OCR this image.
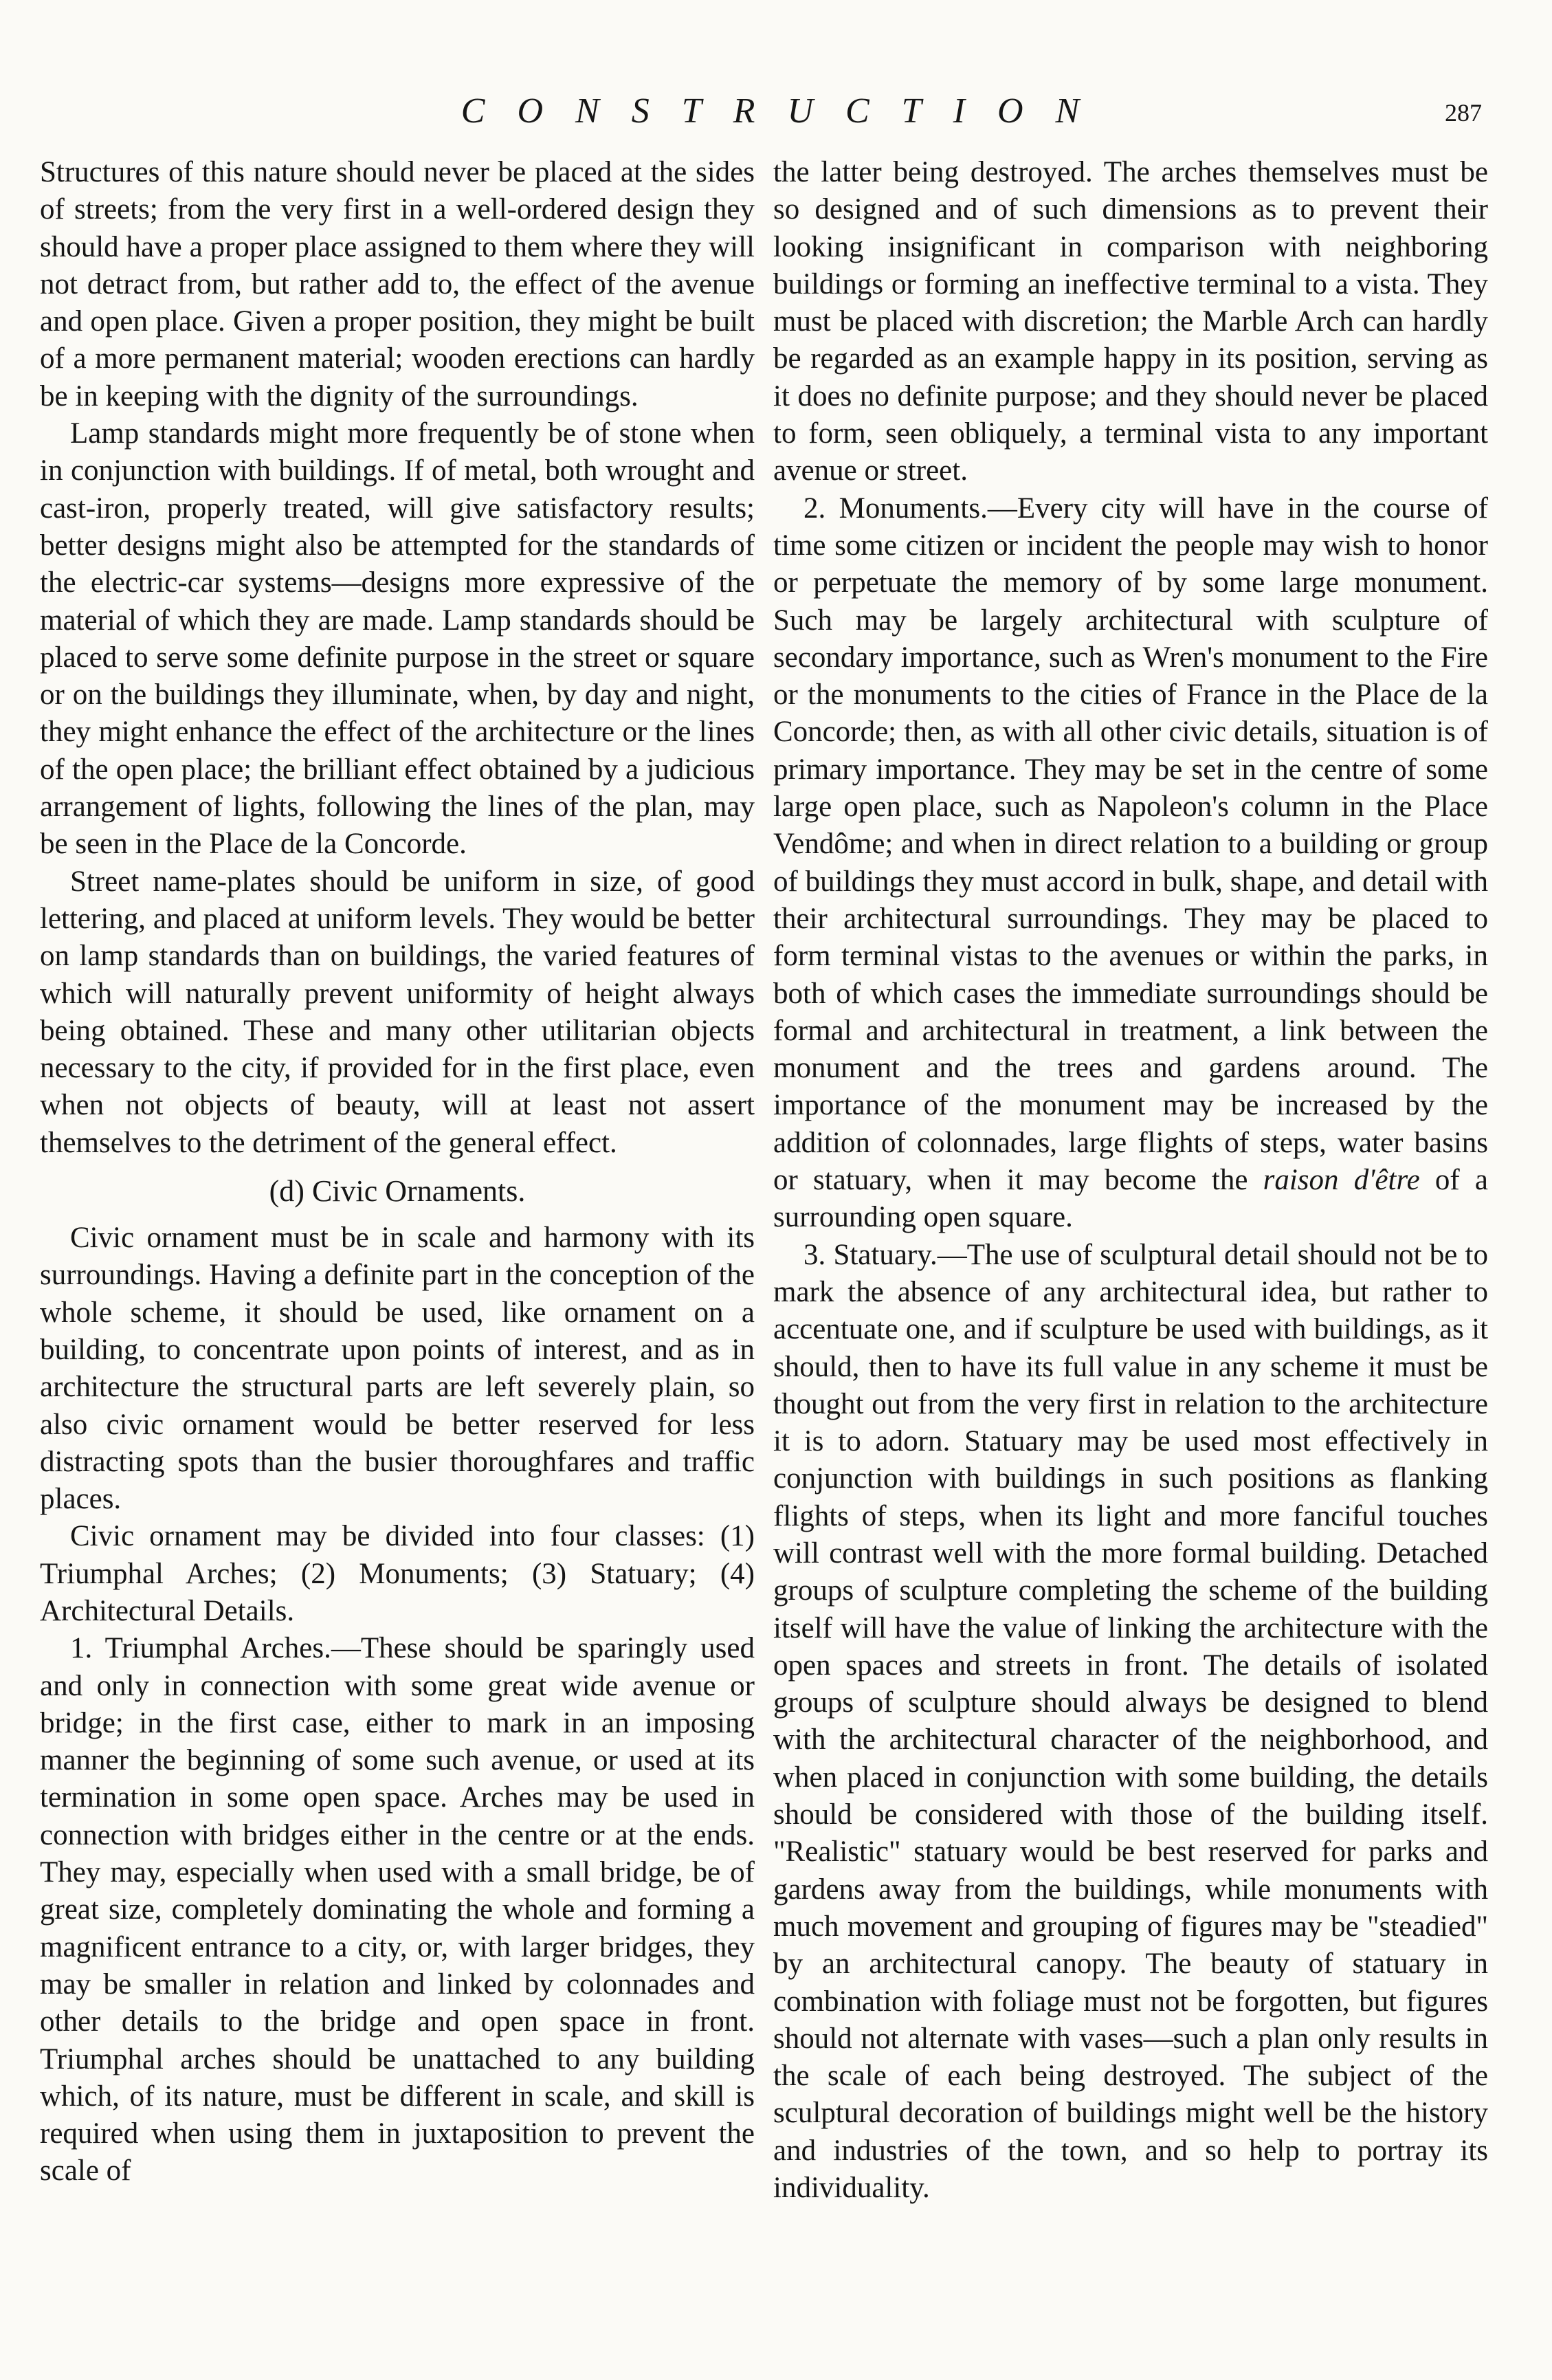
C O N S T R U C T I O N	287

Structures of this nature should never be placed at the sides of streets; from the very first in a well-ordered design they should have a proper place assigned to them where they will not detract from, but rather add to, the effect of the avenue and open place. Given a proper position, they might be built of a more permanent material; wooden erections can hardly be in keeping with the dignity of the surroundings.

Lamp standards might more frequently be of stone when in conjunction with buildings. If of metal, both wrought and cast-iron, properly treated, will give satisfactory results; better designs might also be attempted for the standards of the electric-car systems—designs more expressive of the material of which they are made. Lamp standards should be placed to serve some definite purpose in the street or square or on the buildings they illuminate, when, by day and night, they might enhance the effect of the architecture or the lines of the open place; the brilliant effect obtained by a judicious arrangement of lights, following the lines of the plan, may be seen in the Place de la Concorde.

Street name-plates should be uniform in size, of good lettering, and placed at uniform levels. They would be better on lamp standards than on buildings, the varied features of which will naturally prevent uniformity of height always being obtained. These and many other utilitarian objects necessary to the city, if provided for in the first place, even when not objects of beauty, will at least not assert themselves to the detriment of the general effect.

(d) Civic Ornaments.

Civic ornament must be in scale and harmony with its surroundings. Having a definite part in the conception of the whole scheme, it should be used, like ornament on a building, to concentrate upon points of interest, and as in architecture the structural parts are left severely plain, so also civic ornament would be better reserved for less distracting spots than the busier thoroughfares and traffic places.

Civic ornament may be divided into four classes: (1) Triumphal Arches; (2) Monuments; (3) Statuary; (4) Architectural Details.

1. Triumphal Arches.—These should be sparingly used and only in connection with some great wide avenue or bridge; in the first case, either to mark in an imposing manner the beginning of some such avenue, or used at its termination in some open space. Arches may be used in connection with bridges either in the centre or at the ends. They may, especially when used with a small bridge, be of great size, completely dominating the whole and forming a magnificent entrance to a city, or, with larger bridges, they may be smaller in relation and linked by colonnades and other details to the bridge and open space in front. Triumphal arches should be unattached to any building which, of its nature, must be different in scale, and skill is required when using them in juxtaposition to prevent the scale of

the latter being destroyed. The arches themselves must be so designed and of such dimensions as to prevent their looking insignificant in comparison with neighboring buildings or forming an ineffective terminal to a vista. They must be placed with discretion; the Marble Arch can hardly be regarded as an example happy in its position, serving as it does no definite purpose; and they should never be placed to form, seen obliquely, a terminal vista to any important avenue or street.

2. Monuments.—Every city will have in the course of time some citizen or incident the people may wish to honor or perpetuate the memory of by some large monument. Such may be largely architectural with sculpture of secondary importance, such as Wren's monument to the Fire or the monuments to the cities of France in the Place de la Concorde; then, as with all other civic details, situation is of primary importance. They may be set in the centre of some large open place, such as Napoleon's column in the Place Vendôme; and when in direct relation to a building or group of buildings they must accord in bulk, shape, and detail with their architectural surroundings. They may be placed to form terminal vistas to the avenues or within the parks, in both of which cases the immediate surroundings should be formal and architectural in treatment, a link between the monument and the trees and gardens around. The importance of the monument may be increased by the addition of colonnades, large flights of steps, water basins or statuary, when it may become the raison d'être of a surrounding open square.

3. Statuary.—The use of sculptural detail should not be to mark the absence of any architectural idea, but rather to accentuate one, and if sculpture be used with buildings, as it should, then to have its full value in any scheme it must be thought out from the very first in relation to the architecture it is to adorn. Statuary may be used most effectively in conjunction with buildings in such positions as flanking flights of steps, when its light and more fanciful touches will contrast well with the more formal building. Detached groups of sculpture completing the scheme of the building itself will have the value of linking the architecture with the open spaces and streets in front. The details of isolated groups of sculpture should always be designed to blend with the architectural character of the neighborhood, and when placed in conjunction with some building, the details should be considered with those of the building itself. "Realistic" statuary would be best reserved for parks and gardens away from the buildings, while monuments with much movement and grouping of figures may be "steadied" by an architectural canopy. The beauty of statuary in combination with foliage must not be forgotten, but figures should not alternate with vases—such a plan only results in the scale of each being destroyed. The subject of the sculptural decoration of buildings might well be the history and industries of the town, and so help to portray its individuality.
